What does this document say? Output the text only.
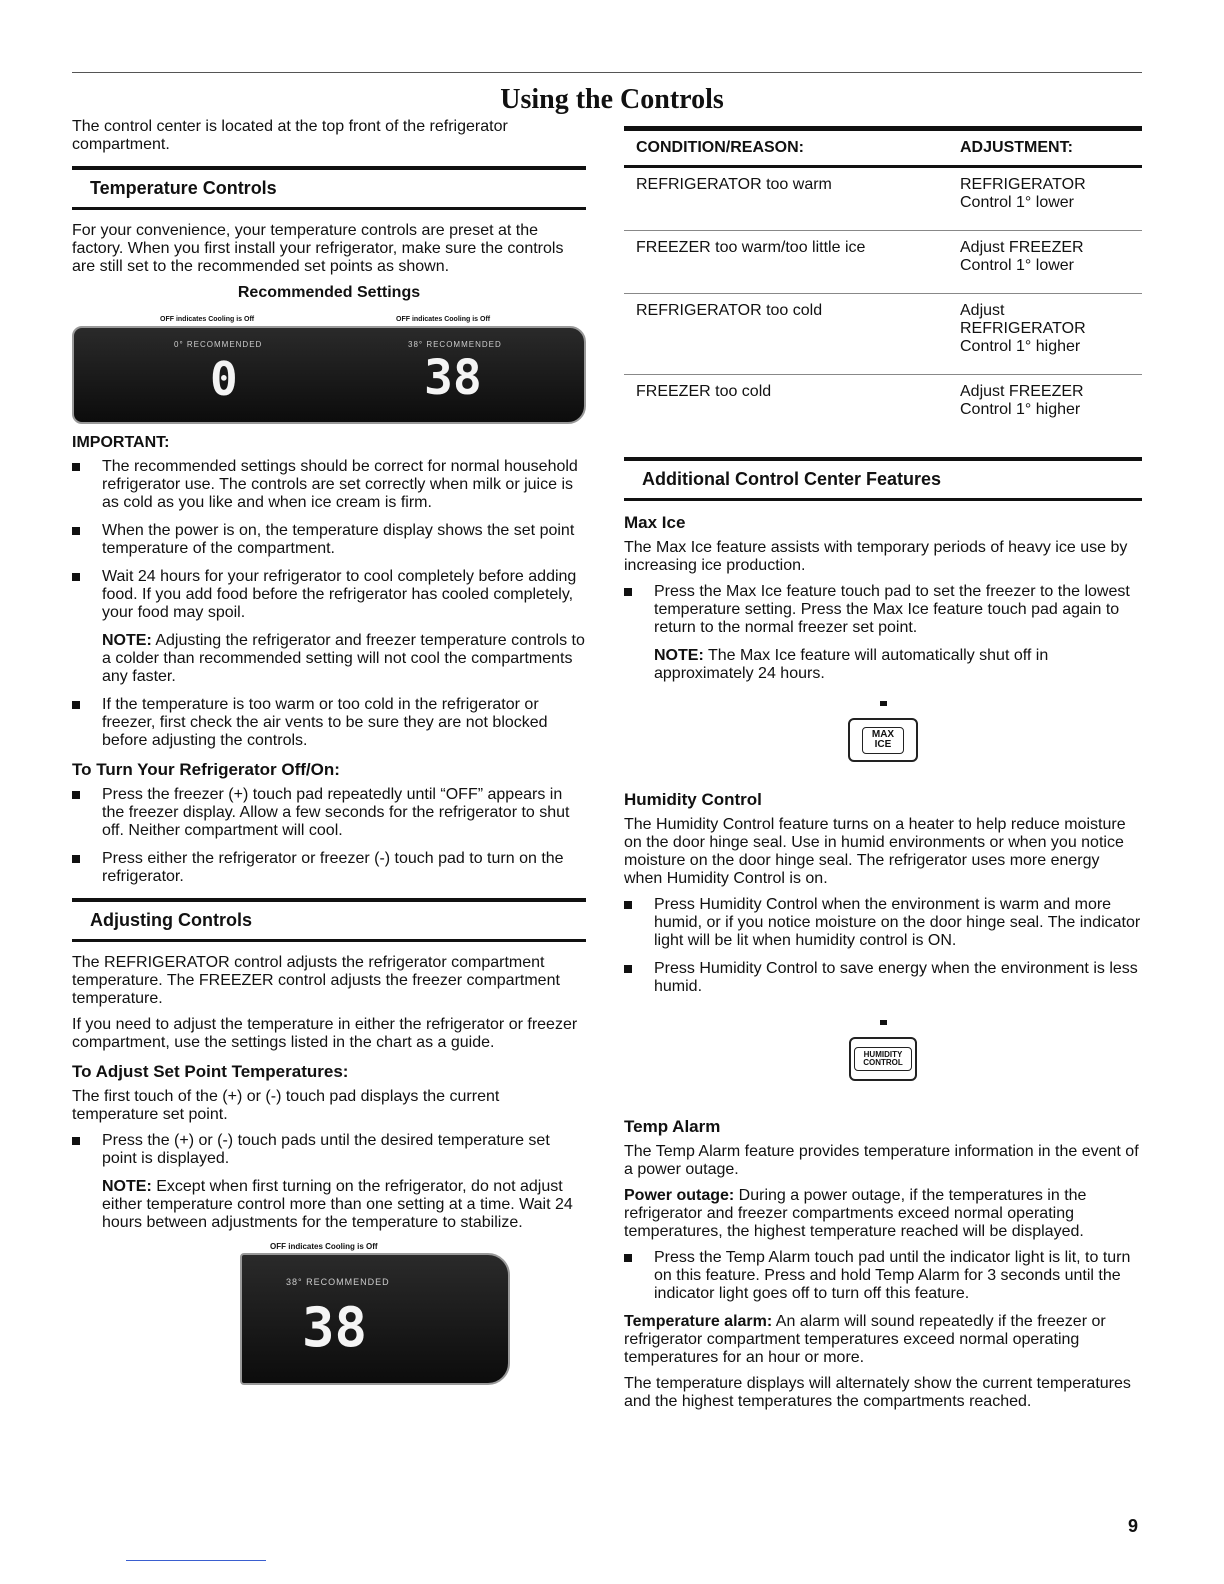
Using the Controls

The control center is located at the top front of the refrigerator compartment.

Temperature Controls

For your convenience, your temperature controls are preset at the factory. When you first install your refrigerator, make sure the controls are still set to the recommended set points as shown.

Recommended Settings
OFF indicates Cooling is Off	OFF indicates Cooling is Off
0° RECOMMENDED	38° RECOMMENDED
0	38
IMPORTANT:
The recommended settings should be correct for normal household refrigerator use. The controls are set correctly when milk or juice is as cold as you like and when ice cream is firm.
When the power is on, the temperature display shows the set point temperature of the compartment.
Wait 24 hours for your refrigerator to cool completely before adding food. If you add food before the refrigerator has cooled completely, your food may spoil.
NOTE: Adjusting the refrigerator and freezer temperature controls to a colder than recommended setting will not cool the compartments any faster.
If the temperature is too warm or too cold in the refrigerator or freezer, first check the air vents to be sure they are not blocked before adjusting the controls.
To Turn Your Refrigerator Off/On:
Press the freezer (+) touch pad repeatedly until “OFF” appears in the freezer display. Allow a few seconds for the refrigerator to shut off. Neither compartment will cool.
Press either the refrigerator or freezer (-) touch pad to turn on the refrigerator.
Adjusting Controls

The REFRIGERATOR control adjusts the refrigerator compartment temperature. The FREEZER control adjusts the freezer compartment temperature.

If you need to adjust the temperature in either the refrigerator or freezer compartment, use the settings listed in the chart as a guide.

To Adjust Set Point Temperatures:

The first touch of the (+) or (-) touch pad displays the current temperature set point.

Press the (+) or (-) touch pads until the desired temperature set point is displayed.
NOTE: Except when first turning on the refrigerator, do not adjust either temperature control more than one setting at a time. Wait 24 hours between adjustments for the temperature to stabilize.
OFF indicates Cooling is Off
38° RECOMMENDED
38
CONDITION/REASON:	ADJUSTMENT:
REFRIGERATOR too warm	REFRIGERATOR Control 1° lower
FREEZER too warm/too little ice	Adjust FREEZER Control 1° lower
REFRIGERATOR too cold	Adjust REFRIGERATOR Control 1° higher
FREEZER too cold	Adjust FREEZER Control 1° higher
Additional Control Center Features
Max Ice

The Max Ice feature assists with temporary periods of heavy ice use by increasing ice production.

Press the Max Ice feature touch pad to set the freezer to the lowest temperature setting. Press the Max Ice feature touch pad again to return to the normal freezer set point.
NOTE: The Max Ice feature will automatically shut off in approximately 24 hours.
MAX
ICE
Humidity Control

The Humidity Control feature turns on a heater to help reduce moisture on the door hinge seal. Use in humid environments or when you notice moisture on the door hinge seal. The refrigerator uses more energy when Humidity Control is on.

Press Humidity Control when the environment is warm and more humid, or if you notice moisture on the door hinge seal. The indicator light will be lit when humidity control is ON.
Press Humidity Control to save energy when the environment is less humid.
HUMIDITY
CONTROL
Temp Alarm

The Temp Alarm feature provides temperature information in the event of a power outage.

Power outage: During a power outage, if the temperatures in the refrigerator and freezer compartments exceed normal operating temperatures, the highest temperature reached will be displayed.

Press the Temp Alarm touch pad until the indicator light is lit, to turn on this feature. Press and hold Temp Alarm for 3 seconds until the indicator light goes off to turn off this feature.

Temperature alarm: An alarm will sound repeatedly if the freezer or refrigerator compartment temperatures exceed normal operating temperatures for an hour or more.

The temperature displays will alternately show the current temperatures and the highest temperatures the compartments reached.

9
